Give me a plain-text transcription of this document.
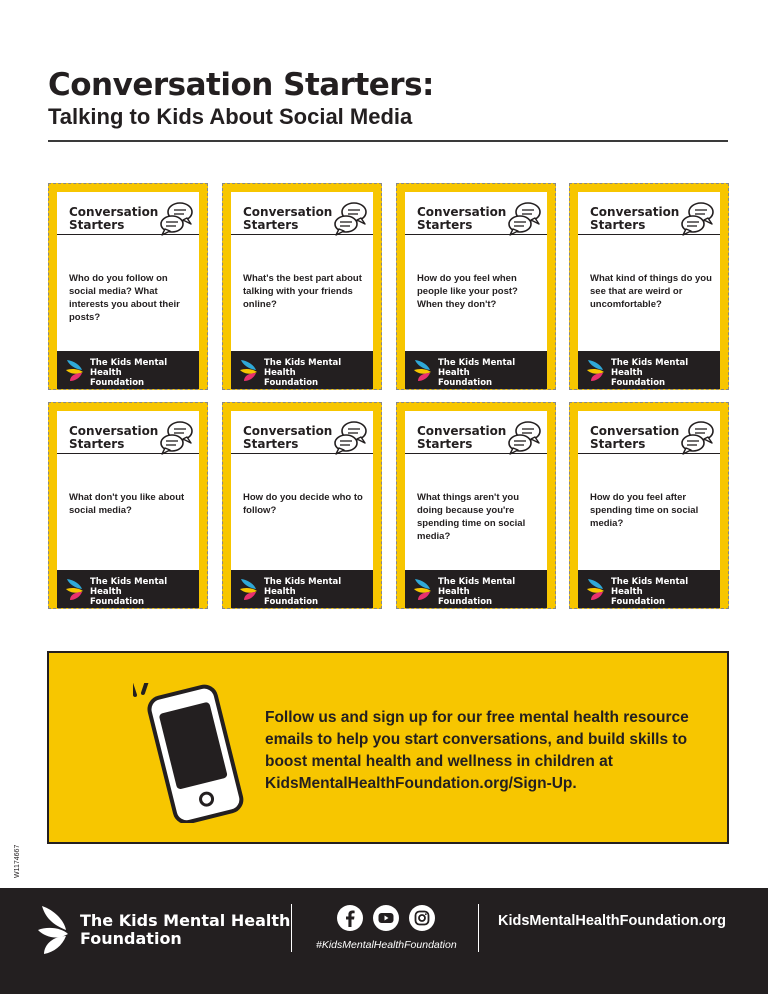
Conversation Starters:
Talking to Kids About Social Media
Conversation
Starters

Who do you follow on social media? What interests you about their posts?

The Kids Mental Health
Foundation
Conversation
Starters

What's the best part about talking with your friends online?

The Kids Mental Health
Foundation
Conversation
Starters

How do you feel when people like your post? When they don't?

The Kids Mental Health
Foundation
Conversation
Starters

What kind of things do you see that are weird or uncomfortable?

The Kids Mental Health
Foundation
Conversation
Starters

What don't you like about social media?

The Kids Mental Health
Foundation
Conversation
Starters

How do you decide who to follow?

The Kids Mental Health
Foundation
Conversation
Starters

What things aren't you doing because you're spending time on social media?

The Kids Mental Health
Foundation
Conversation
Starters

How do you feel after spending time on social media?

The Kids Mental Health
Foundation

Follow us and sign up for our free mental health resource emails to help you start conversations, and build skills to boost mental health and wellness in children at KidsMentalHealthFoundation.org/Sign-Up.

W1174667
The Kids Mental Health
Foundation	#KidsMentalHealthFoundation
KidsMentalHealthFoundation.org
